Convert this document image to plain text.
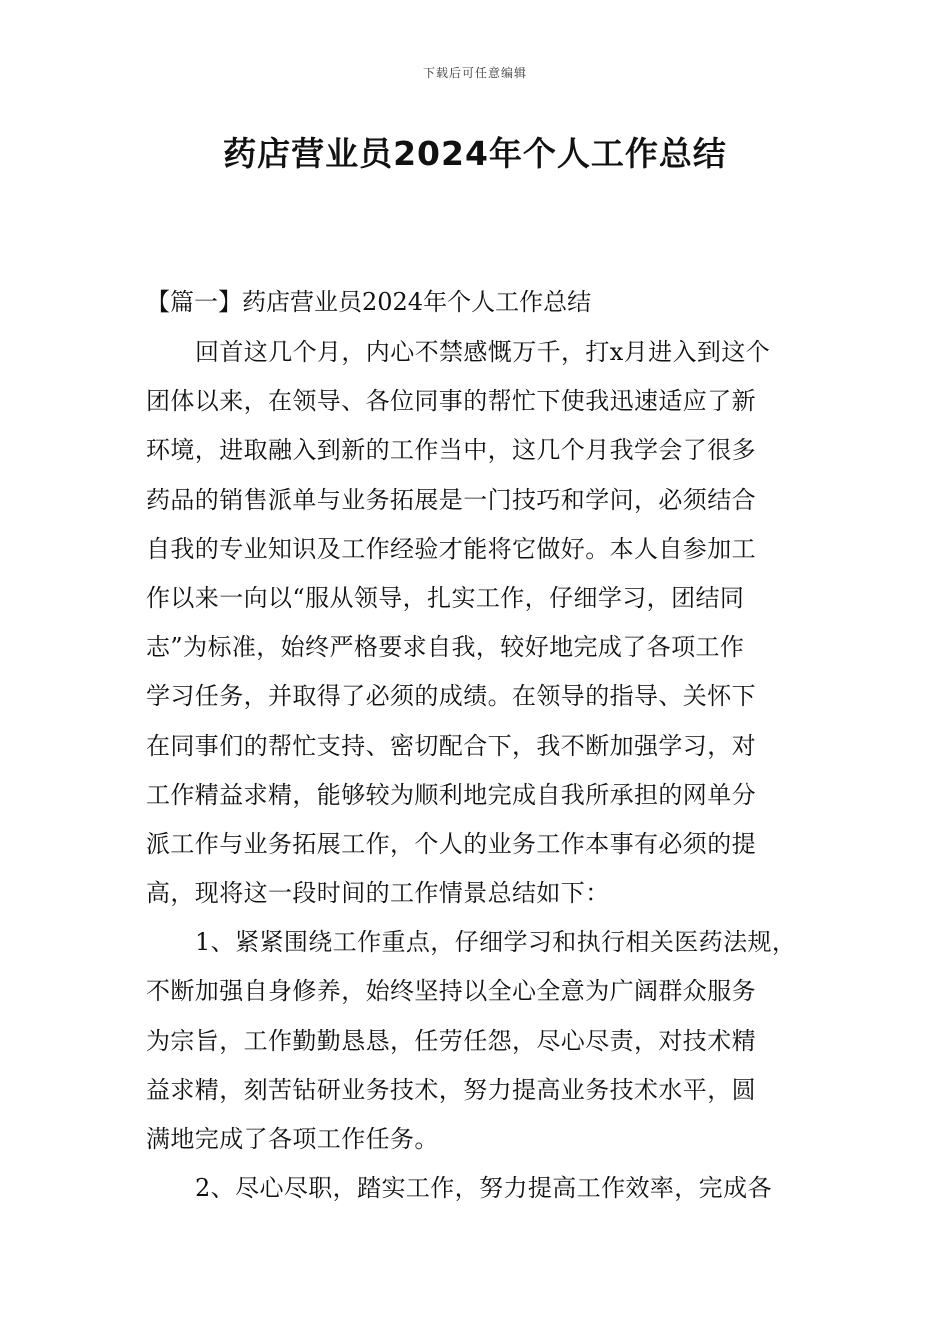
下载后可任意编辑
药店营业员2024年个人工作总结
【篇一】药店营业员2024年个人工作总结
回首这几个月，内心不禁感慨万千，打x月进入到这个
团体以来，在领导、各位同事的帮忙下使我迅速适应了新
环境，进取融入到新的工作当中，这几个月我学会了很多
药品的销售派单与业务拓展是一门技巧和学问，必须结合
自我的专业知识及工作经验才能将它做好。本人自参加工
作以来一向以“服从领导，扎实工作，仔细学习，团结同
志”为标准，始终严格要求自我，较好地完成了各项工作
学习任务，并取得了必须的成绩。在领导的指导、关怀下
在同事们的帮忙支持、密切配合下，我不断加强学习，对
工作精益求精，能够较为顺利地完成自我所承担的网单分
派工作与业务拓展工作，个人的业务工作本事有必须的提
高，现将这一段时间的工作情景总结如下：
1、紧紧围绕工作重点，仔细学习和执行相关医药法规，
不断加强自身修养，始终坚持以全心全意为广阔群众服务
为宗旨，工作勤勤恳恳，任劳任怨，尽心尽责，对技术精
益求精，刻苦钻研业务技术，努力提高业务技术水平，圆
满地完成了各项工作任务。
2、尽心尽职，踏实工作，努力提高工作效率，完成各
